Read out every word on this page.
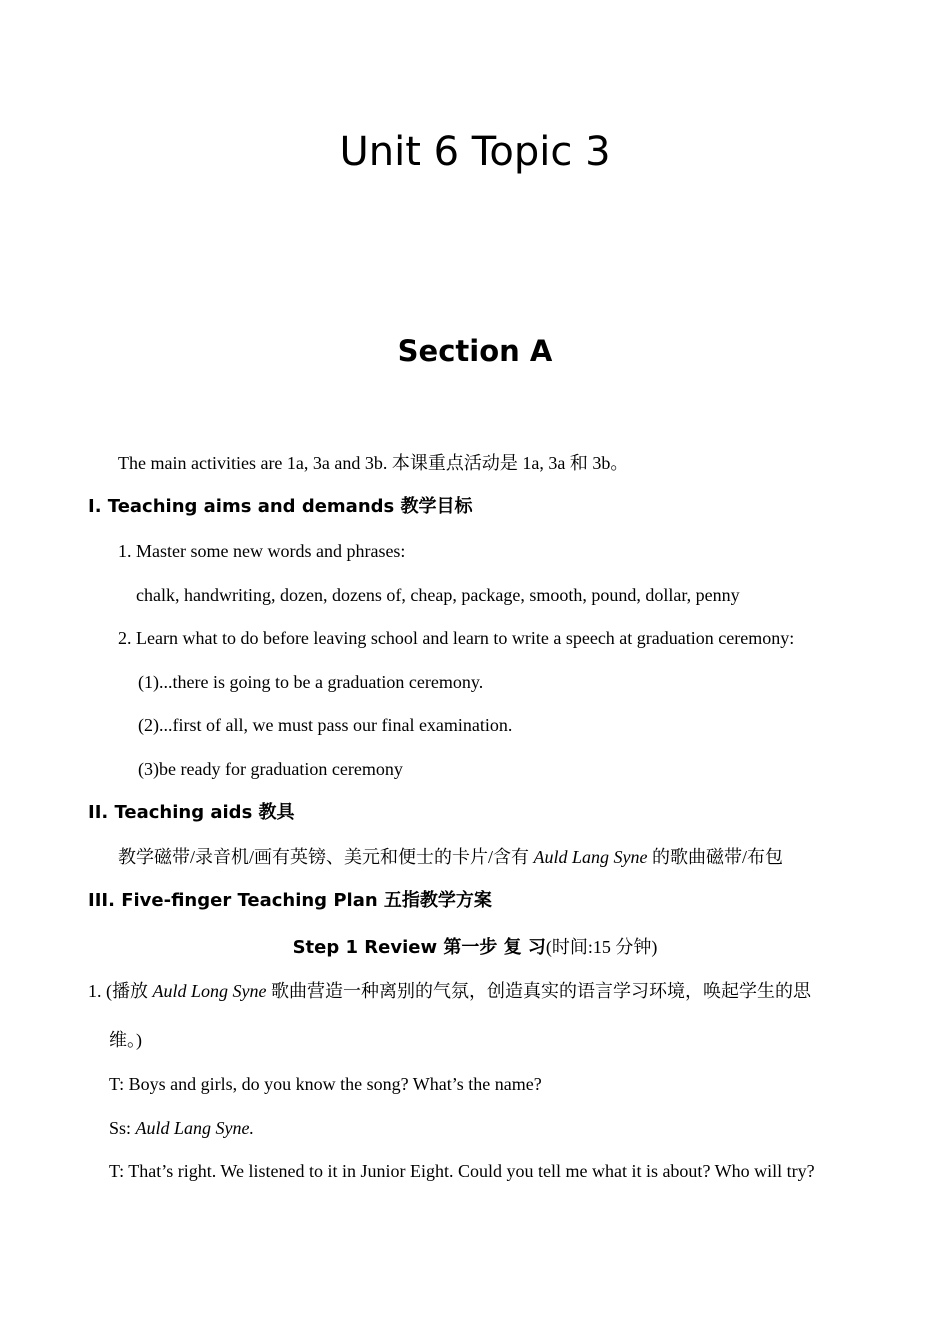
Unit 6 Topic 3
Section A
The main activities are 1a, 3a and 3b. 本课重点活动是 1a, 3a 和 3b。
I. Teaching aims and demands 教学目标
1. Master some new words and phrases:
chalk, handwriting, dozen, dozens of, cheap, package, smooth, pound, dollar, penny
2. Learn what to do before leaving school and learn to write a speech at graduation ceremony:
(1)...there is going to be a graduation ceremony.
(2)...first of all, we must pass our final examination.
(3)be ready for graduation ceremony
II. Teaching aids 教具
教学磁带/录音机/画有英镑、美元和便士的卡片/含有 Auld Lang Syne 的歌曲磁带/布包
III. Five-finger Teaching Plan 五指教学方案
Step 1 Review 第一步 复 习(时间:15 分钟)
1. (播放 Auld Long Syne 歌曲营造一种离别的气氛，创造真实的语言学习环境，唤起学生的思
维。)
T: Boys and girls, do you know the song? What’s the name?
Ss: Auld Lang Syne.
T: That’s right. We listened to it in Junior Eight. Could you tell me what it is about? Who will try?
